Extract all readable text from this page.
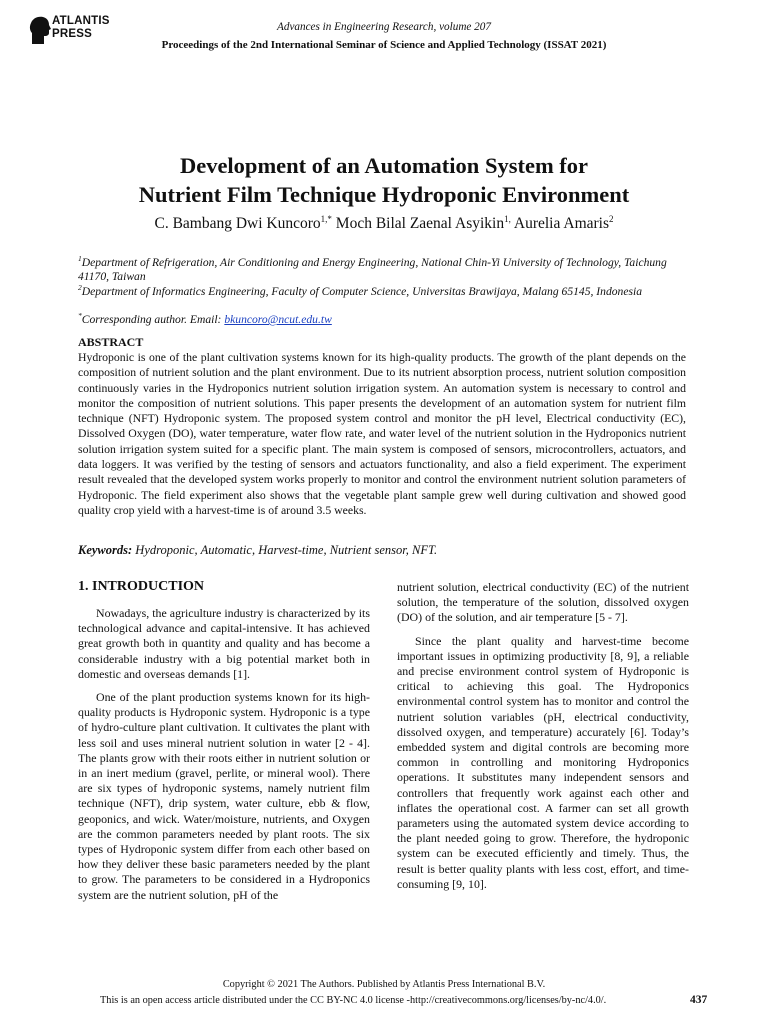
ATLANTIS
PRESS
Advances in Engineering Research, volume 207
Proceedings of the 2nd International Seminar of Science and Applied Technology (ISSAT 2021)
Development of an Automation System for
Nutrient Film Technique Hydroponic Environment
C. Bambang Dwi Kuncoro$^{1,*}$ Moch Bilal Zaenal Asyikin$^{1,}$ Aurelia Amaris$^2$
$^1$Department of Refrigeration, Air Conditioning and Energy Engineering, National Chin-Yi University of Technology, Taichung 41170, Taiwan
$^2$Department of Informatics Engineering, Faculty of Computer Science, Universitas Brawijaya, Malang 65145, Indonesia
*Corresponding author. Email: bkuncoro@ncut.edu.tw
ABSTRACT
Hydroponic is one of the plant cultivation systems known for its high-quality products. The growth of the plant depends on the composition of nutrient solution and the plant environment. Due to its nutrient absorption process, nutrient solution composition continuously varies in the Hydroponics nutrient solution irrigation system. An automation system is necessary to control and monitor the composition of nutrient solutions. This paper presents the development of an automation system for nutrient film technique (NFT) Hydroponic system. The proposed system control and monitor the pH level, Electrical conductivity (EC), Dissolved Oxygen (DO), water temperature, water flow rate, and water level of the nutrient solution in the Hydroponics nutrient solution irrigation system suited for a specific plant. The main system is composed of sensors, microcontrollers, actuators, and data loggers. It was verified by the testing of sensors and actuators functionality, and also a field experiment. The experiment result revealed that the developed system works properly to monitor and control the environment nutrient solution parameters of Hydroponic. The field experiment also shows that the vegetable plant sample grew well during cultivation and showed good quality crop yield with a harvest-time is of around 3.5 weeks.
Keywords: Hydroponic, Automatic, Harvest-time, Nutrient sensor, NFT.
1. INTRODUCTION

Nowadays, the agriculture industry is characterized by its technological advance and capital-intensive. It has achieved great growth both in quantity and quality and has become a considerable industry with a big potential market both in domestic and overseas demands [1].

One of the plant production systems known for its high-quality products is Hydroponic system. Hydroponic is a type of hydro-culture plant cultivation. It cultivates the plant with less soil and uses mineral nutrient solution in water [2 - 4]. The plants grow with their roots either in nutrient solution or in an inert medium (gravel, perlite, or mineral wool). There are six types of hydroponic systems, namely nutrient film technique (NFT), drip system, water culture, ebb & flow, geoponics, and wick. Water/moisture, nutrients, and Oxygen are the common parameters needed by plant roots. The six types of Hydroponic system differ from each other based on how they deliver these basic parameters needed by the plant to grow. The parameters to be considered in a Hydroponics system are the nutrient solution, pH of the

nutrient solution, electrical conductivity (EC) of the nutrient solution, the temperature of the solution, dissolved oxygen (DO) of the solution, and air temperature [5 - 7].

Since the plant quality and harvest-time become important issues in optimizing productivity [8, 9], a reliable and precise environment control system of Hydroponic is critical to achieving this goal. The Hydroponics environmental control system has to monitor and control the nutrient solution variables (pH, electrical conductivity, dissolved oxygen, and temperature) accurately [6]. Today’s embedded system and digital controls are becoming more common in controlling and monitoring Hydroponics operations. It substitutes many independent sensors and controllers that frequently work against each other and inflates the operational cost. A farmer can set all growth parameters using the automated system device according to the plant needed going to grow. Therefore, the hydroponic system can be executed efficiently and timely. Thus, the result is better quality plants with less cost, effort, and time-consuming [9, 10].

Copyright © 2021 The Authors. Published by Atlantis Press International B.V.
This is an open access article distributed under the CC BY-NC 4.0 license -http://creativecommons.org/licenses/by-nc/4.0/.	437
